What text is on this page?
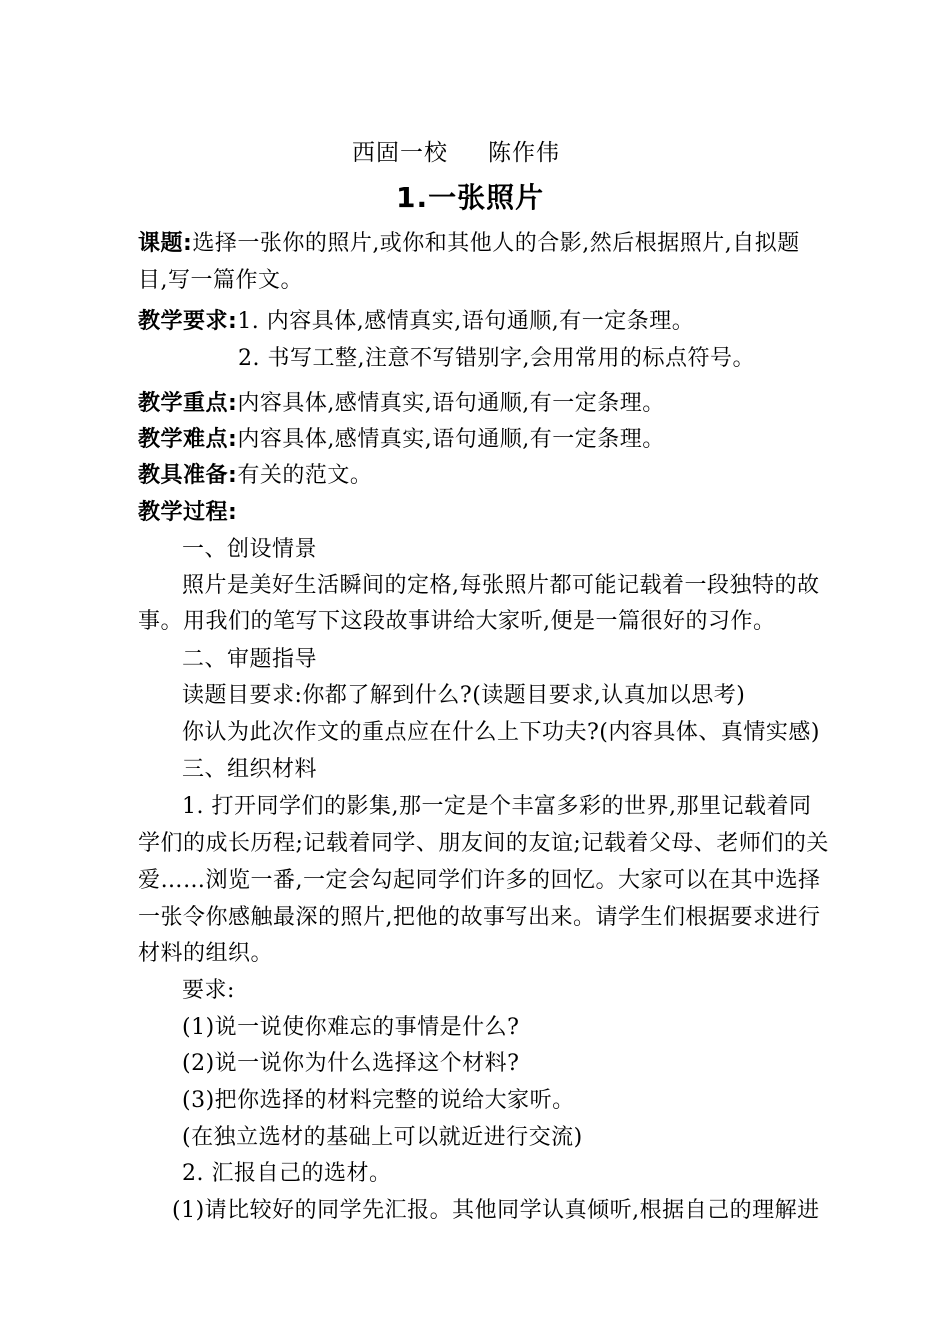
西固一校 陈作伟
1.一张照片
课题:选择一张你的照片,或你和其他人的合影,然后根据照片,自拟题
目,写一篇作文。
教学要求:1. 内容具体,感情真实,语句通顺,有一定条理。
2. 书写工整,注意不写错别字,会用常用的标点符号。
教学重点:内容具体,感情真实,语句通顺,有一定条理。
教学难点:内容具体,感情真实,语句通顺,有一定条理。
教具准备:有关的范文。
教学过程:
一、创设情景
照片是美好生活瞬间的定格,每张照片都可能记载着一段独特的故
事。用我们的笔写下这段故事讲给大家听,便是一篇很好的习作。
二、审题指导
读题目要求:你都了解到什么?(读题目要求,认真加以思考)
你认为此次作文的重点应在什么上下功夫?(内容具体、真情实感)
三、组织材料
1. 打开同学们的影集,那一定是个丰富多彩的世界,那里记载着同
学们的成长历程;记载着同学、朋友间的友谊;记载着父母、老师们的关
爱……浏览一番,一定会勾起同学们许多的回忆。大家可以在其中选择
一张令你感触最深的照片,把他的故事写出来。请学生们根据要求进行
材料的组织。
要求:
(1)说一说使你难忘的事情是什么?
(2)说一说你为什么选择这个材料?
(3)把你选择的材料完整的说给大家听。
(在独立选材的基础上可以就近进行交流)
2. 汇报自己的选材。
(1)请比较好的同学先汇报。其他同学认真倾听,根据自己的理解进
